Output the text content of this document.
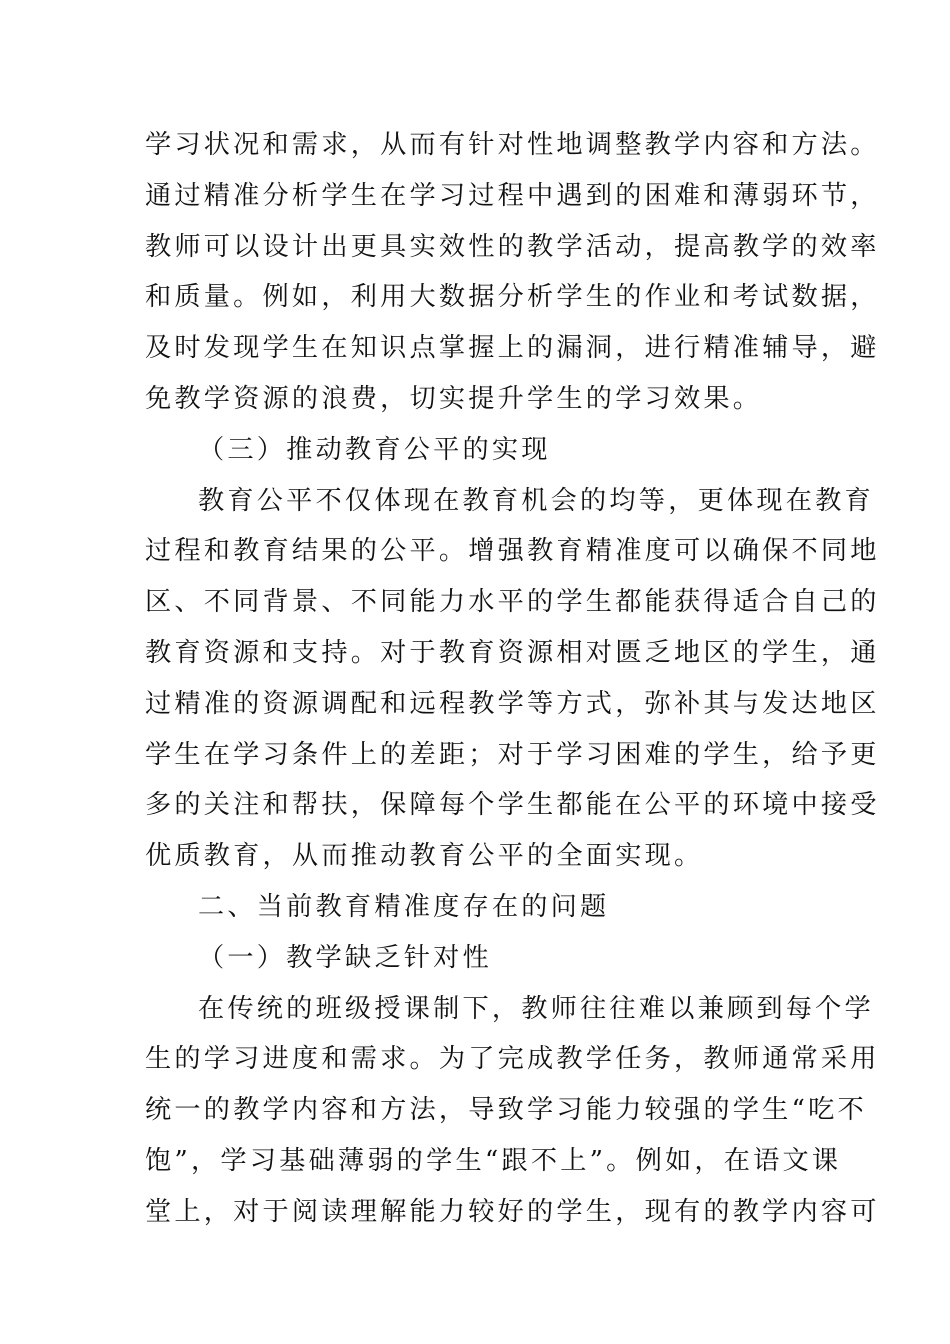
学习状况和需求，从而有针对性地调整教学内容和方法。
通过精准分析学生在学习过程中遇到的困难和薄弱环节，
教师可以设计出更具实效性的教学活动，提高教学的效率
和质量。例如，利用大数据分析学生的作业和考试数据，
及时发现学生在知识点掌握上的漏洞，进行精准辅导，避
免教学资源的浪费，切实提升学生的学习效果。
（三）推动教育公平的实现
教育公平不仅体现在教育机会的均等，更体现在教育
过程和教育结果的公平。增强教育精准度可以确保不同地
区、不同背景、不同能力水平的学生都能获得适合自己的
教育资源和支持。对于教育资源相对匮乏地区的学生，通
过精准的资源调配和远程教学等方式，弥补其与发达地区
学生在学习条件上的差距；对于学习困难的学生，给予更
多的关注和帮扶，保障每个学生都能在公平的环境中接受
优质教育，从而推动教育公平的全面实现。
二、当前教育精准度存在的问题
（一）教学缺乏针对性
在传统的班级授课制下，教师往往难以兼顾到每个学
生的学习进度和需求。为了完成教学任务，教师通常采用
统一的教学内容和方法，导致学习能力较强的学生“吃不
饱”，学习基础薄弱的学生“跟不上”。例如，在语文课
堂上，对于阅读理解能力较好的学生，现有的教学内容可
